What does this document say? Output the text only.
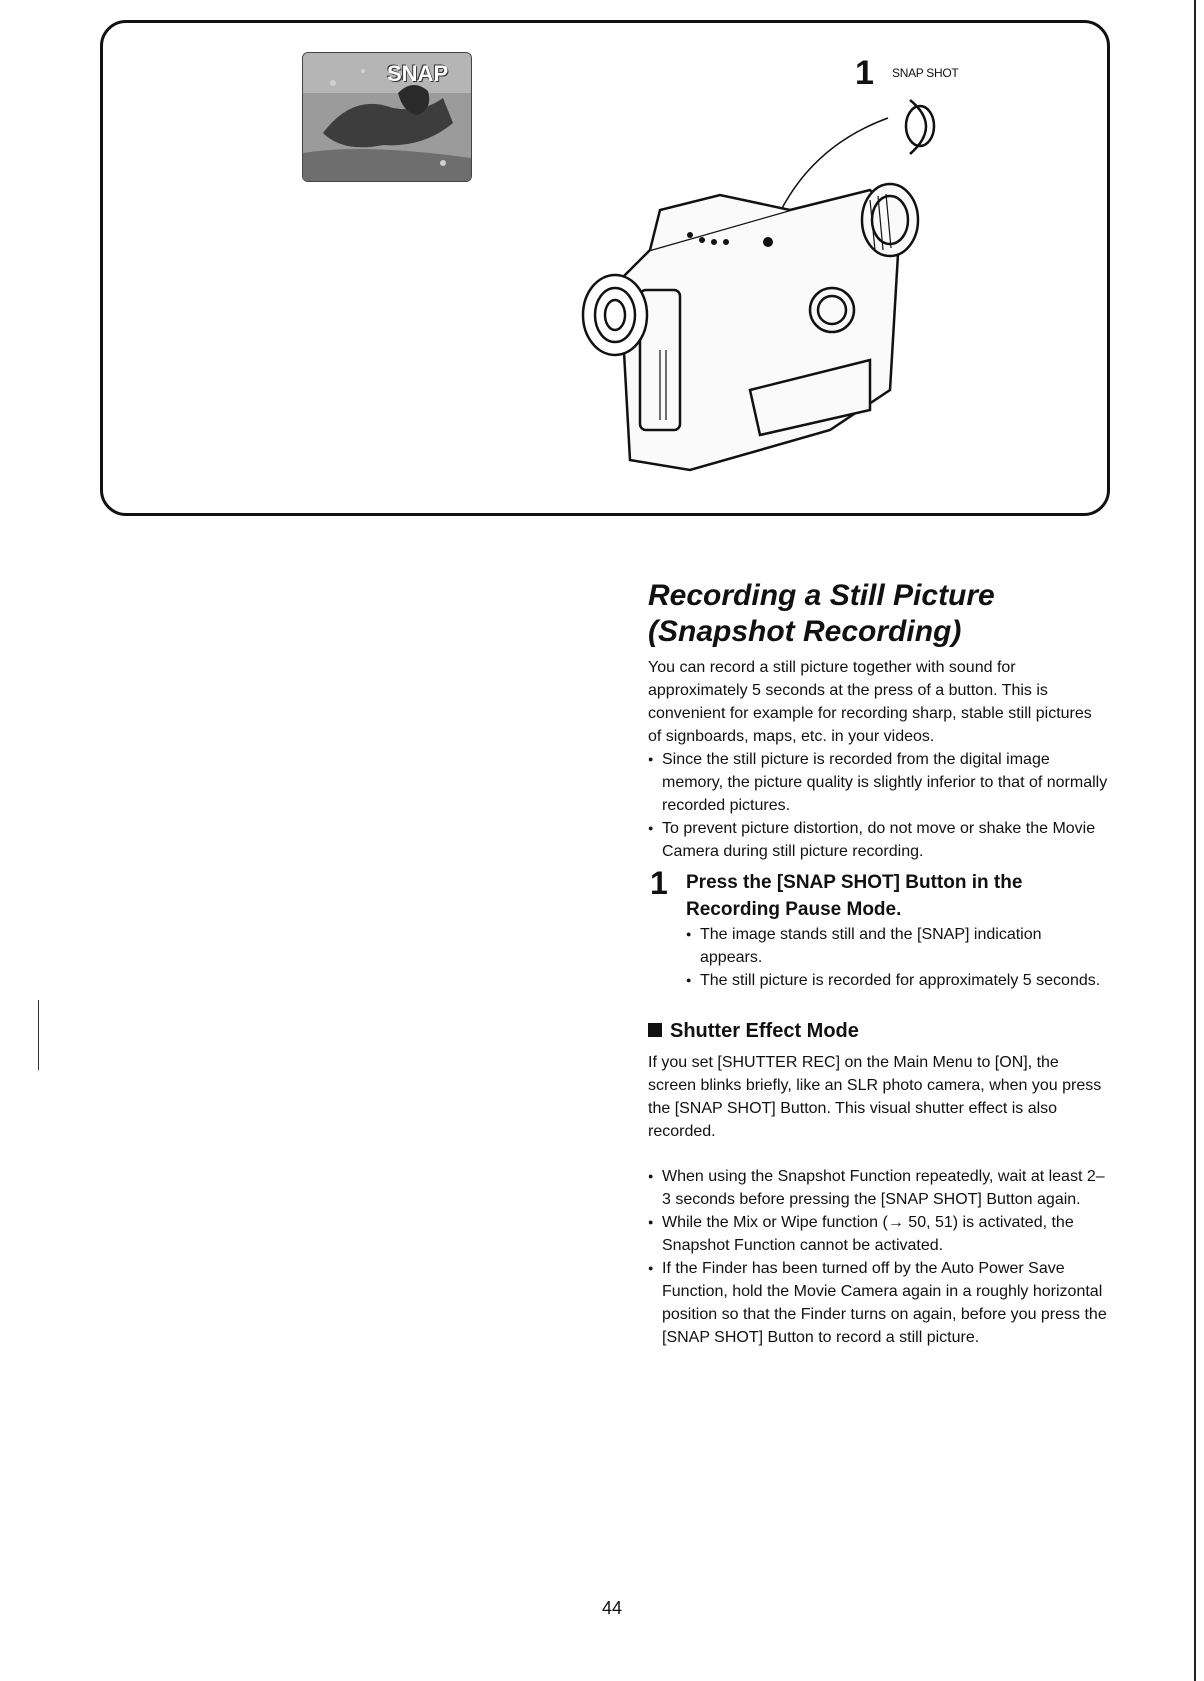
SNAP	1 SNAP SHOT
Recording a Still Picture
(Snapshot Recording)

You can record a still picture together with sound for approximately 5 seconds at the press of a button. This is convenient for example for recording sharp, stable still pictures of signboards, maps, etc. in your videos.

● Since the still picture is recorded from the digital image memory, the picture quality is slightly inferior to that of normally recorded pictures.

● To prevent picture distortion, do not move or shake the Movie Camera during still picture recording.

1 Press the [SNAP SHOT] Button in the Recording Pause Mode.

● The image stands still and the [SNAP] indication appears.

● The still picture is recorded for approximately 5 seconds.

Shutter Effect Mode

If you set [SHUTTER REC] on the Main Menu to [ON], the screen blinks briefly, like an SLR photo camera, when you press the [SNAP SHOT] Button. This visual shutter effect is also recorded.

● When using the Snapshot Function repeatedly, wait at least 2–3 seconds before pressing the [SNAP SHOT] Button again.

● While the Mix or Wipe function (→ 50, 51) is activated, the Snapshot Function cannot be activated.

● If the Finder has been turned off by the Auto Power Save Function, hold the Movie Camera again in a roughly horizontal position so that the Finder turns on again, before you press the [SNAP SHOT] Button to record a still picture.

44
